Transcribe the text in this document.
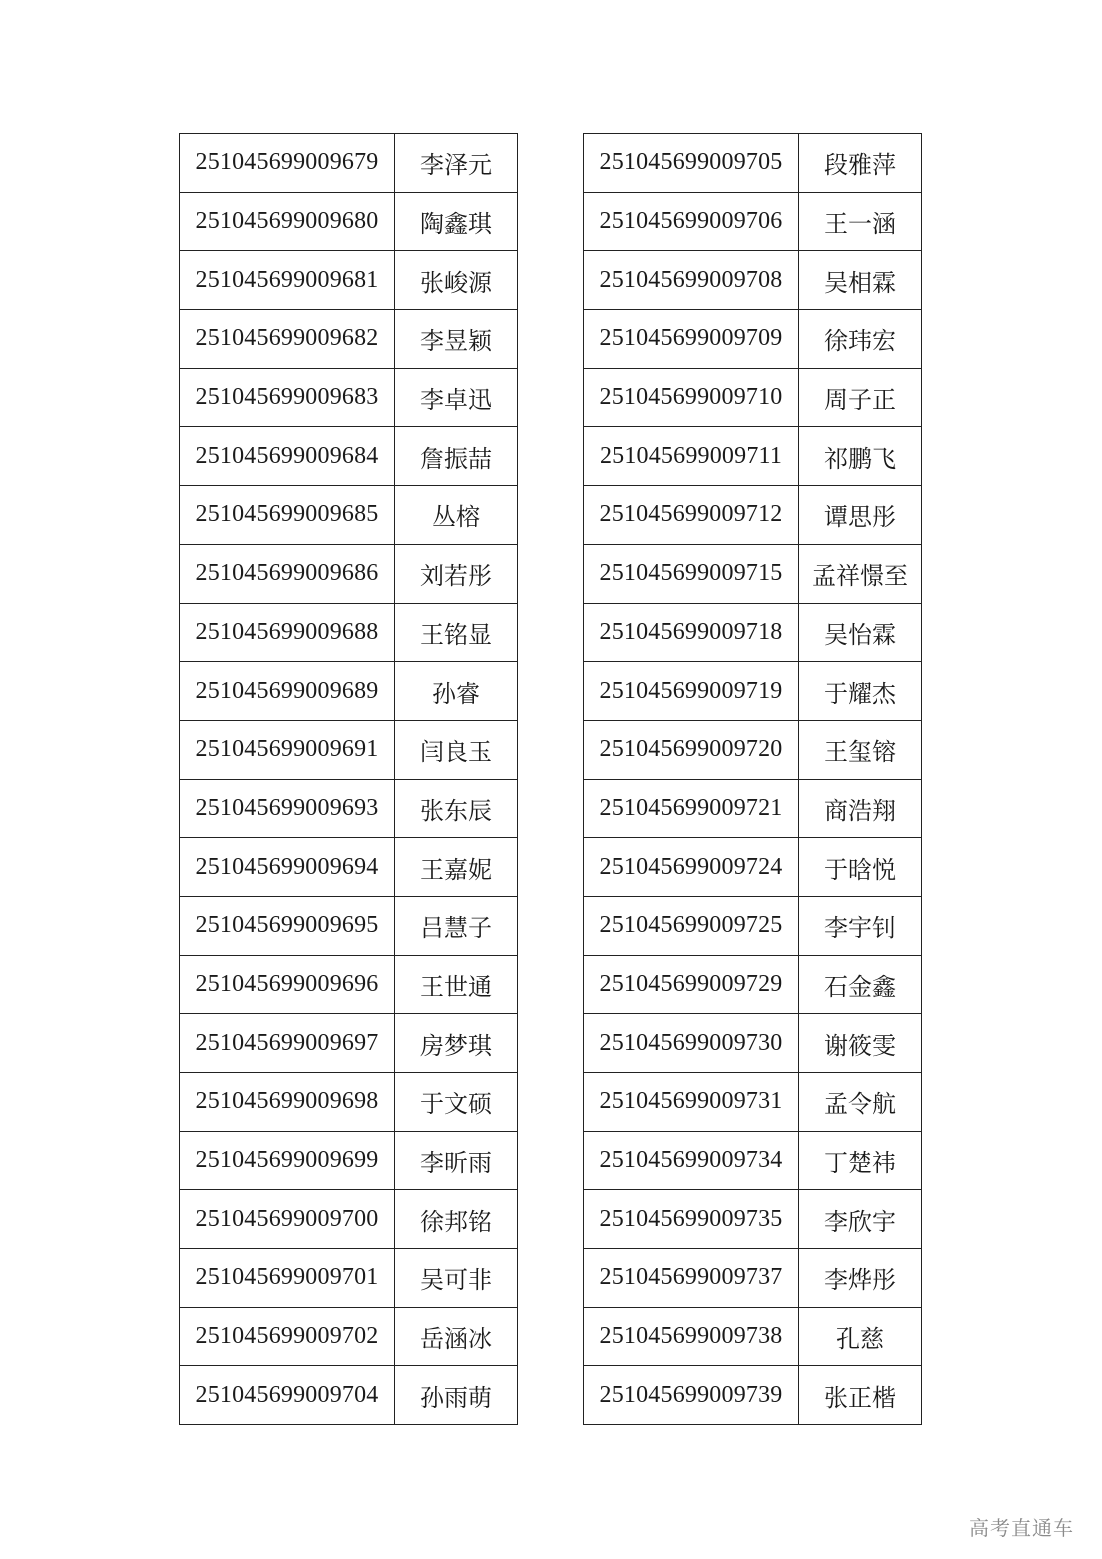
251045699009679	李泽元
251045699009680	陶鑫琪
251045699009681	张峻源
251045699009682	李昱颖
251045699009683	李卓迅
251045699009684	詹振喆
251045699009685	丛榕
251045699009686	刘若彤
251045699009688	王铭显
251045699009689	孙睿
251045699009691	闫良玉
251045699009693	张东辰
251045699009694	王嘉妮
251045699009695	吕慧子
251045699009696	王世通
251045699009697	房梦琪
251045699009698	于文硕
251045699009699	李昕雨
251045699009700	徐邦铭
251045699009701	吴可非
251045699009702	岳涵冰
251045699009704	孙雨萌
251045699009705	段雅萍
251045699009706	王一涵
251045699009708	吴相霖
251045699009709	徐玮宏
251045699009710	周子正
251045699009711	祁鹏飞
251045699009712	谭思彤
251045699009715	孟祥憬至
251045699009718	吴怡霖
251045699009719	于耀杰
251045699009720	王玺镕
251045699009721	商浩翔
251045699009724	于晗悦
251045699009725	李宇钊
251045699009729	石金鑫
251045699009730	谢筱雯
251045699009731	孟令航
251045699009734	丁楚祎
251045699009735	李欣宇
251045699009737	李烨彤
251045699009738	孔慈
251045699009739	张正楷
高考直通车
